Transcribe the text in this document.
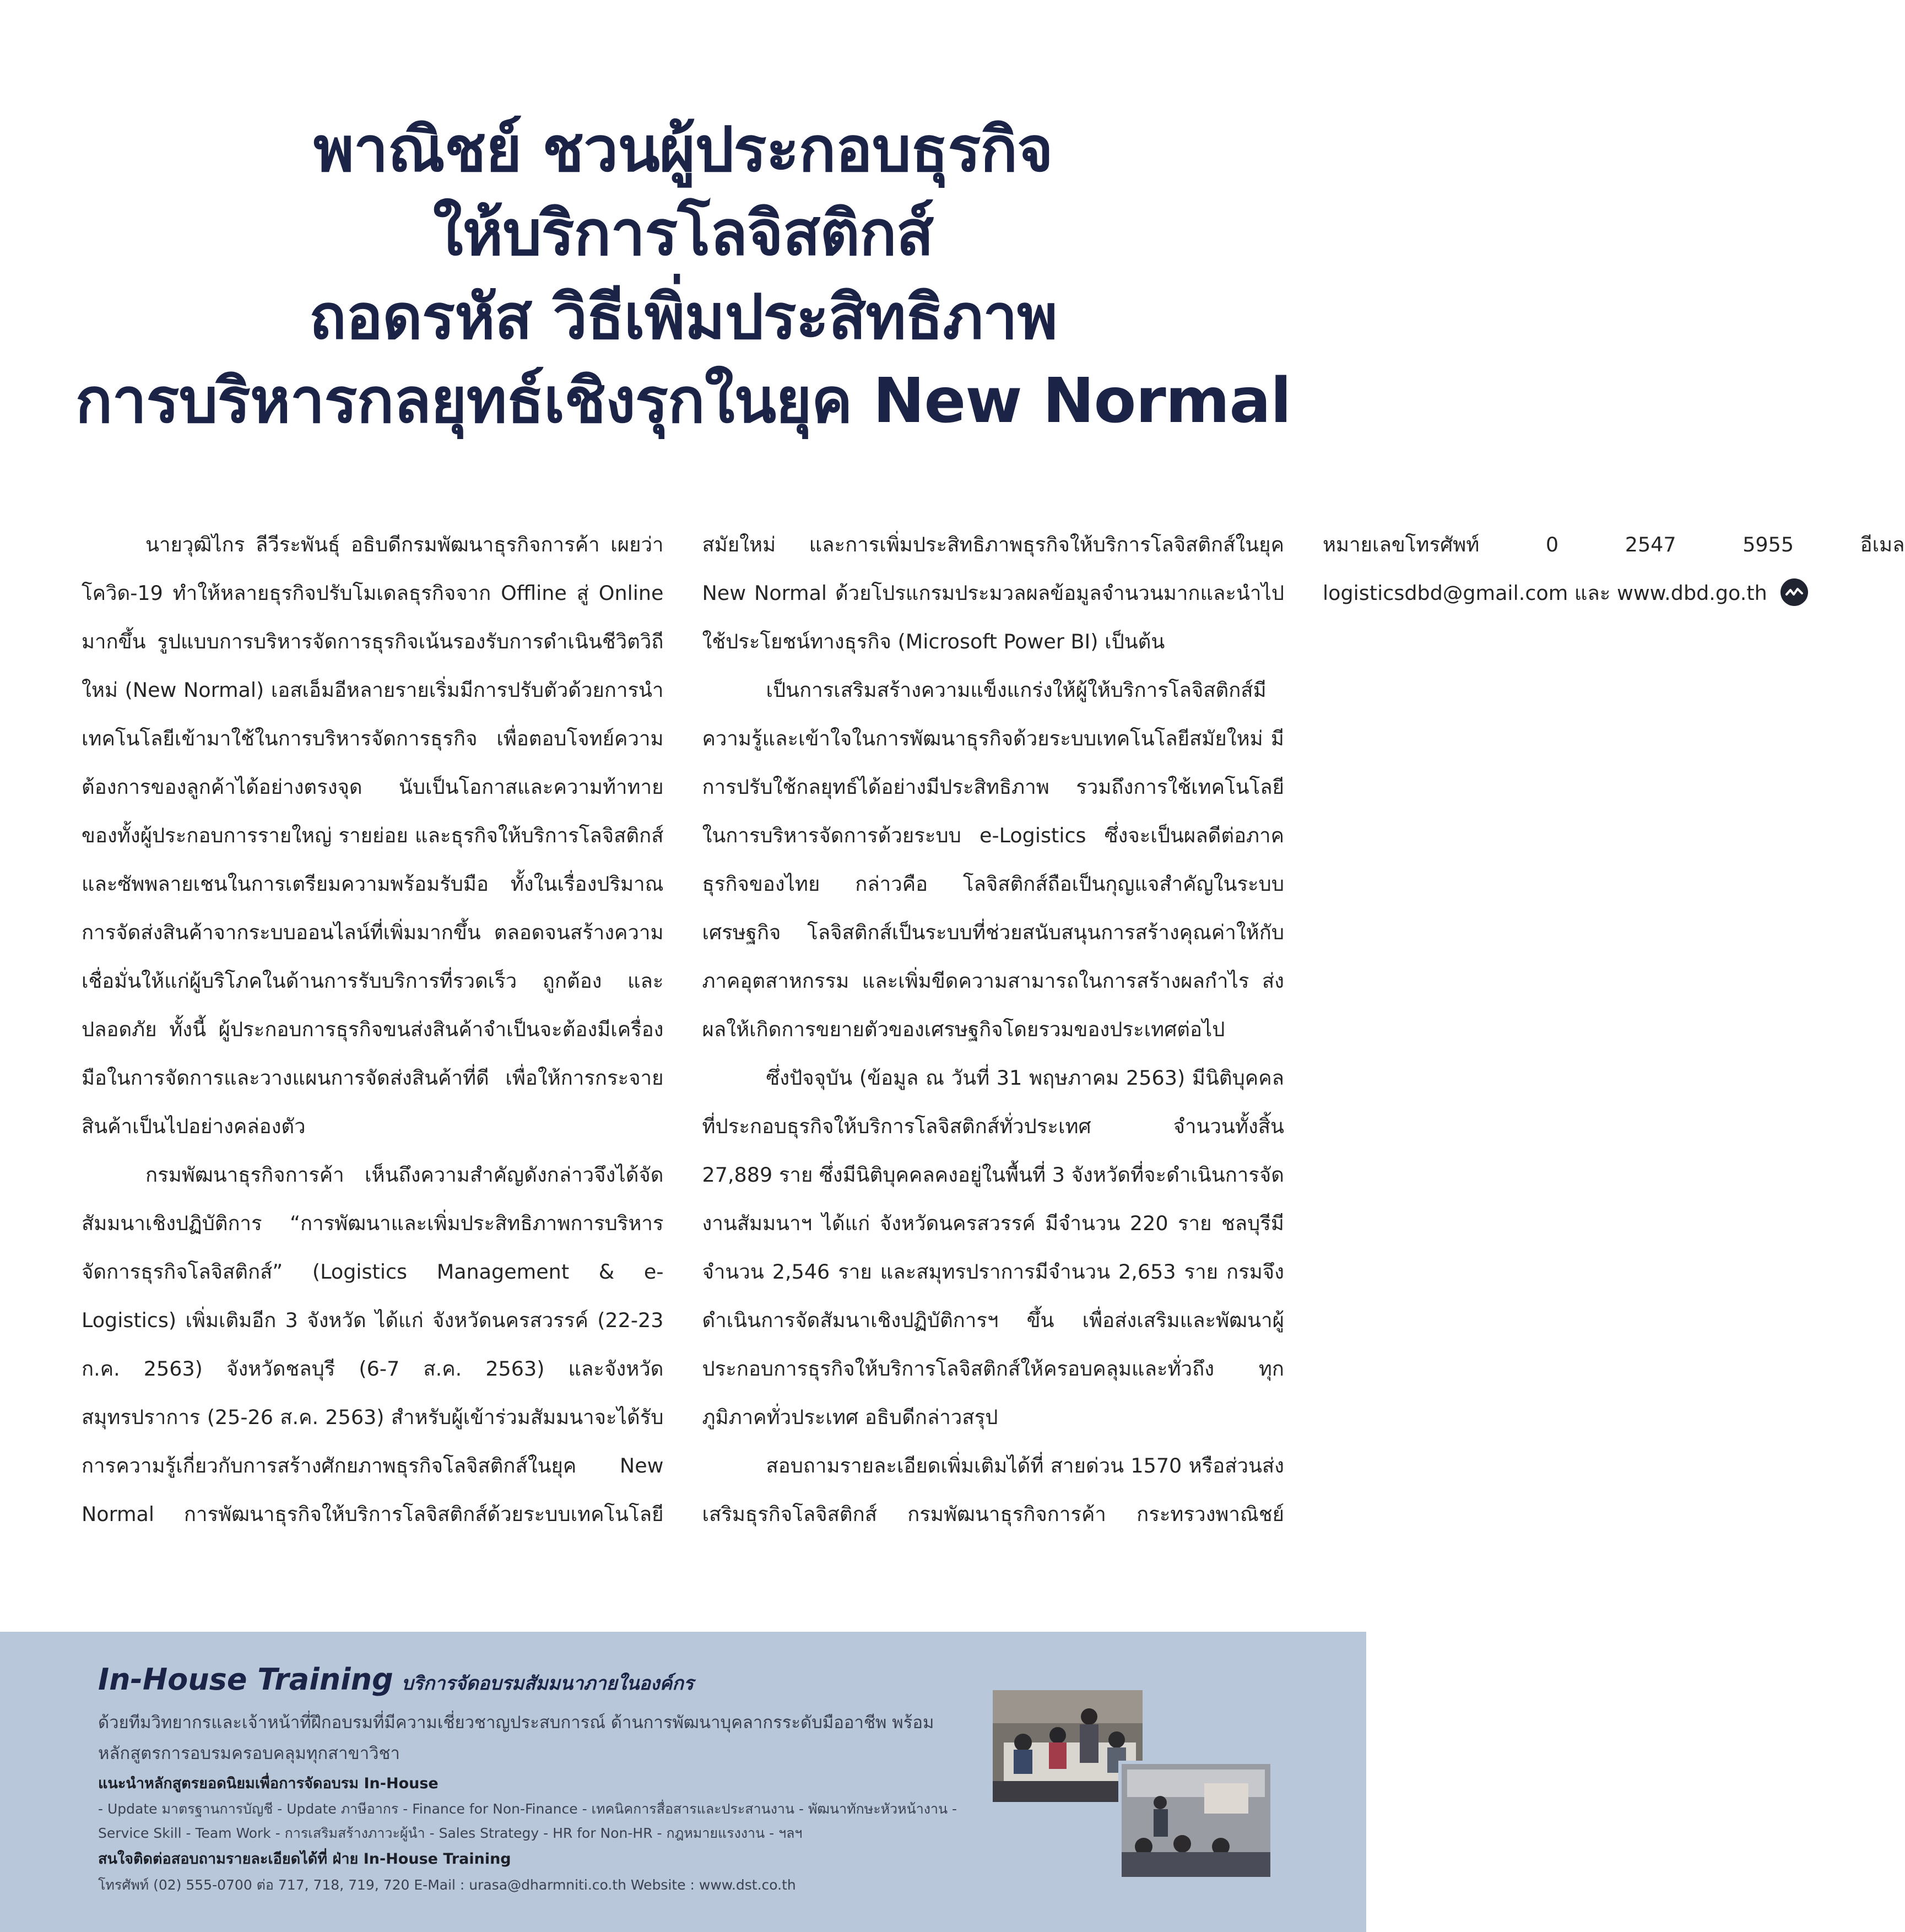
พาณิชย์ ชวนผู้ประกอบธุรกิจ
ให้บริการโลจิสติกส์
ถอดรหัส วิธีเพิ่มประสิทธิภาพ
การบริหารกลยุทธ์เชิงรุกในยุค New Normal

นายวุฒิไกร ลีวีระพันธุ์ อธิบดีกรมพัฒนาธุรกิจการค้า เผยว่า โควิด-19 ทำให้หลายธุรกิจปรับโมเดลธุรกิจจาก Offline สู่ Online มากขึ้น รูปแบบการบริหารจัดการธุรกิจเน้นรองรับการดำเนินชีวิตวิถีใหม่ (New Normal) เอสเอ็มอีหลายรายเริ่มมีการปรับตัวด้วยการนำเทคโนโลยีเข้ามาใช้ในการบริหารจัดการธุรกิจ เพื่อตอบโจทย์ความต้องการของลูกค้าได้อย่างตรงจุด นับเป็นโอกาสและความท้าทายของทั้งผู้ประกอบการรายใหญ่ รายย่อย และธุรกิจให้บริการโลจิสติกส์และซัพพลายเชนในการเตรียมความพร้อมรับมือ ทั้งในเรื่องปริมาณการจัดส่งสินค้าจากระบบออนไลน์ที่เพิ่มมากขึ้น ตลอดจนสร้างความเชื่อมั่นให้แก่ผู้บริโภคในด้านการรับบริการที่รวดเร็ว ถูกต้อง และปลอดภัย ทั้งนี้ ผู้ประกอบการธุรกิจขนส่งสินค้าจำเป็นจะต้องมีเครื่องมือในการจัดการและวางแผนการจัดส่งสินค้าที่ดี เพื่อให้การกระจายสินค้าเป็นไปอย่างคล่องตัว

กรมพัฒนาธุรกิจการค้า เห็นถึงความสำคัญดังกล่าวจึงได้จัดสัมมนาเชิงปฏิบัติการ “การพัฒนาและเพิ่มประสิทธิภาพการบริหารจัดการธุรกิจโลจิสติกส์” (Logistics Management & e-Logistics) เพิ่มเติมอีก 3 จังหวัด ได้แก่ จังหวัดนครสวรรค์ (22-23 ก.ค. 2563) จังหวัดชลบุรี (6-7 ส.ค. 2563) และจังหวัดสมุทรปราการ (25-26 ส.ค. 2563) สำหรับผู้เข้าร่วมสัมมนาจะได้รับการความรู้เกี่ยวกับการสร้างศักยภาพธุรกิจโลจิสติกส์ในยุค New Normal การพัฒนาธุรกิจให้บริการโลจิสติกส์ด้วยระบบเทคโนโลยีสมัยใหม่ และการเพิ่มประสิทธิภาพธุรกิจให้บริการโลจิสติกส์ในยุค New Normal ด้วยโปรแกรมประมวลผลข้อมูลจำนวนมากและนำไปใช้ประโยชน์ทางธุรกิจ (Microsoft Power BI) เป็นต้น

เป็นการเสริมสร้างความแข็งแกร่งให้ผู้ให้บริการโลจิสติกส์มีความรู้และเข้าใจในการพัฒนาธุรกิจด้วยระบบเทคโนโลยีสมัยใหม่ มีการปรับใช้กลยุทธ์ได้อย่างมีประสิทธิภาพ รวมถึงการใช้เทคโนโลยีในการบริหารจัดการด้วยระบบ e-Logistics ซึ่งจะเป็นผลดีต่อภาคธุรกิจของไทย กล่าวคือ โลจิสติกส์ถือเป็นกุญแจสำคัญในระบบเศรษฐกิจ โลจิสติกส์เป็นระบบที่ช่วยสนับสนุนการสร้างคุณค่าให้กับภาคอุตสาหกรรม และเพิ่มขีดความสามารถในการสร้างผลกำไร ส่งผลให้เกิดการขยายตัวของเศรษฐกิจโดยรวมของประเทศต่อไป

ซึ่งปัจจุบัน (ข้อมูล ณ วันที่ 31 พฤษภาคม 2563) มีนิติบุคคลที่ประกอบธุรกิจให้บริการโลจิสติกส์ทั่วประเทศ จำนวนทั้งสิ้น 27,889 ราย ซึ่งมีนิติบุคคลคงอยู่ในพื้นที่ 3 จังหวัดที่จะดำเนินการจัดงานสัมมนาฯ ได้แก่ จังหวัดนครสวรรค์ มีจำนวน 220 ราย ชลบุรีมีจำนวน 2,546 ราย และสมุทรปราการมีจำนวน 2,653 ราย กรมจึงดำเนินการจัดสัมนาเชิงปฏิบัติการฯ ขึ้น เพื่อส่งเสริมและพัฒนาผู้ประกอบการธุรกิจให้บริการโลจิสติกส์ให้ครอบคลุมและทั่วถึง ทุกภูมิภาคทั่วประเทศ อธิบดีกล่าวสรุป

สอบถามรายละเอียดเพิ่มเติมได้ที่ สายด่วน 1570 หรือส่วนส่งเสริมธุรกิจโลจิสติกส์ กรมพัฒนาธุรกิจการค้า กระทรวงพาณิชย์ หมายเลขโทรศัพท์ 0 2547 5955 อีเมล logisticsdbd@gmail.com และ www.dbd.go.th

In-House Training บริการจัดอบรมสัมมนาภายในองค์กร
ด้วยทีมวิทยากรและเจ้าหน้าที่ฝึกอบรมที่มีความเชี่ยวชาญประสบการณ์ ด้านการพัฒนาบุคลากรระดับมืออาชีพ พร้อมหลักสูตรการอบรมครอบคลุมทุกสาขาวิชา
แนะนำหลักสูตรยอดนิยมเพื่อการจัดอบรม In-House
- Update มาตรฐานการบัญชี - Update ภาษีอากร - Finance for Non-Finance - เทคนิคการสื่อสารและประสานงาน - พัฒนาทักษะหัวหน้างาน - Service Skill - Team Work - การเสริมสร้างภาวะผู้นำ - Sales Strategy - HR for Non-HR - กฎหมายแรงงาน - ฯลฯ
สนใจติดต่อสอบถามรายละเอียดได้ที่ ฝ่าย In-House Training
โทรศัพท์ (02) 555-0700 ต่อ 717, 718, 719, 720 E-Mail : urasa@dharmniti.co.th Website : www.dst.co.th
